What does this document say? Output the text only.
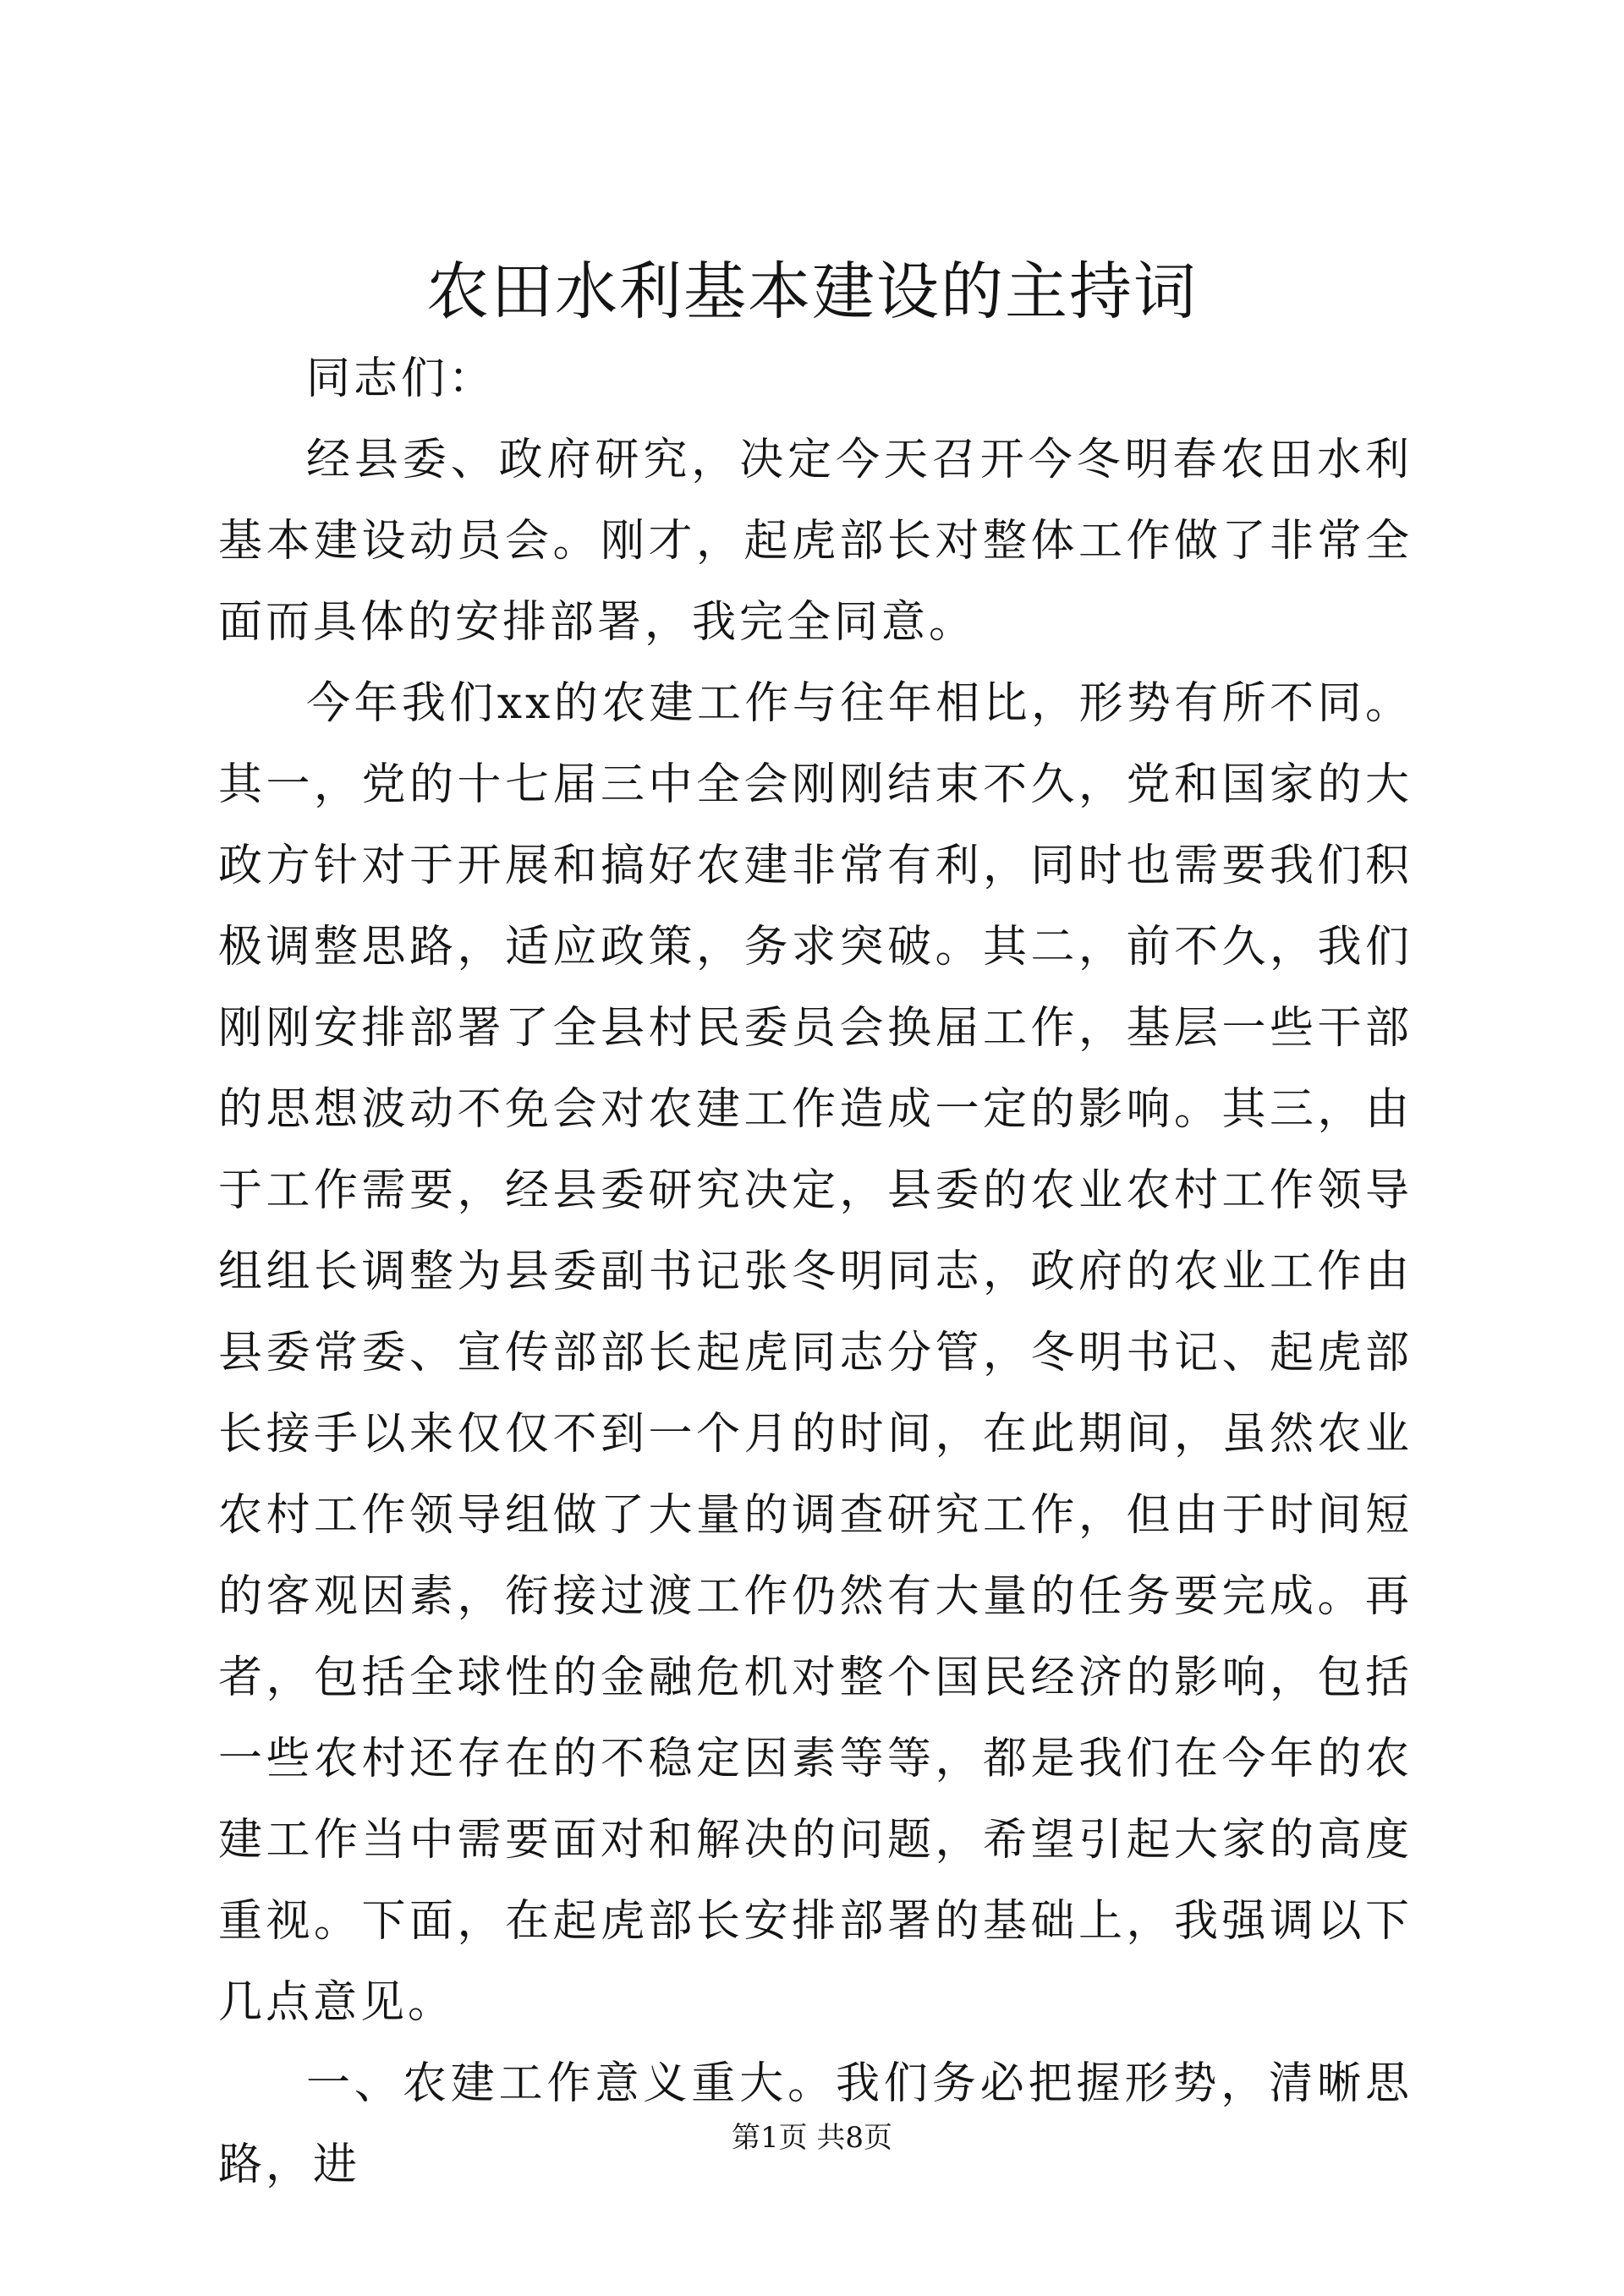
农田水利基本建设的主持词

同志们：

经县委、政府研究，决定今天召开今冬明春农田水利基本建设动员会。刚才，起虎部长对整体工作做了非常全面而具体的安排部署，我完全同意。

今年我们xx的农建工作与往年相比，形势有所不同。其一，党的十七届三中全会刚刚结束不久，党和国家的大政方针对于开展和搞好农建非常有利，同时也需要我们积极调整思路，适应政策，务求突破。其二，前不久，我们刚刚安排部署了全县村民委员会换届工作，基层一些干部的思想波动不免会对农建工作造成一定的影响。其三，由于工作需要，经县委研究决定，县委的农业农村工作领导组组长调整为县委副书记张冬明同志，政府的农业工作由县委常委、宣传部部长起虎同志分管，冬明书记、起虎部长接手以来仅仅不到一个月的时间，在此期间，虽然农业农村工作领导组做了大量的调查研究工作，但由于时间短的客观因素，衔接过渡工作仍然有大量的任务要完成。再者，包括全球性的金融危机对整个国民经济的影响，包括一些农村还存在的不稳定因素等等，都是我们在今年的农建工作当中需要面对和解决的问题，希望引起大家的高度重视。下面，在起虎部长安排部署的基础上，我强调以下几点意见。

一、农建工作意义重大。我们务必把握形势，清晰思路，进

第1页 共8页
